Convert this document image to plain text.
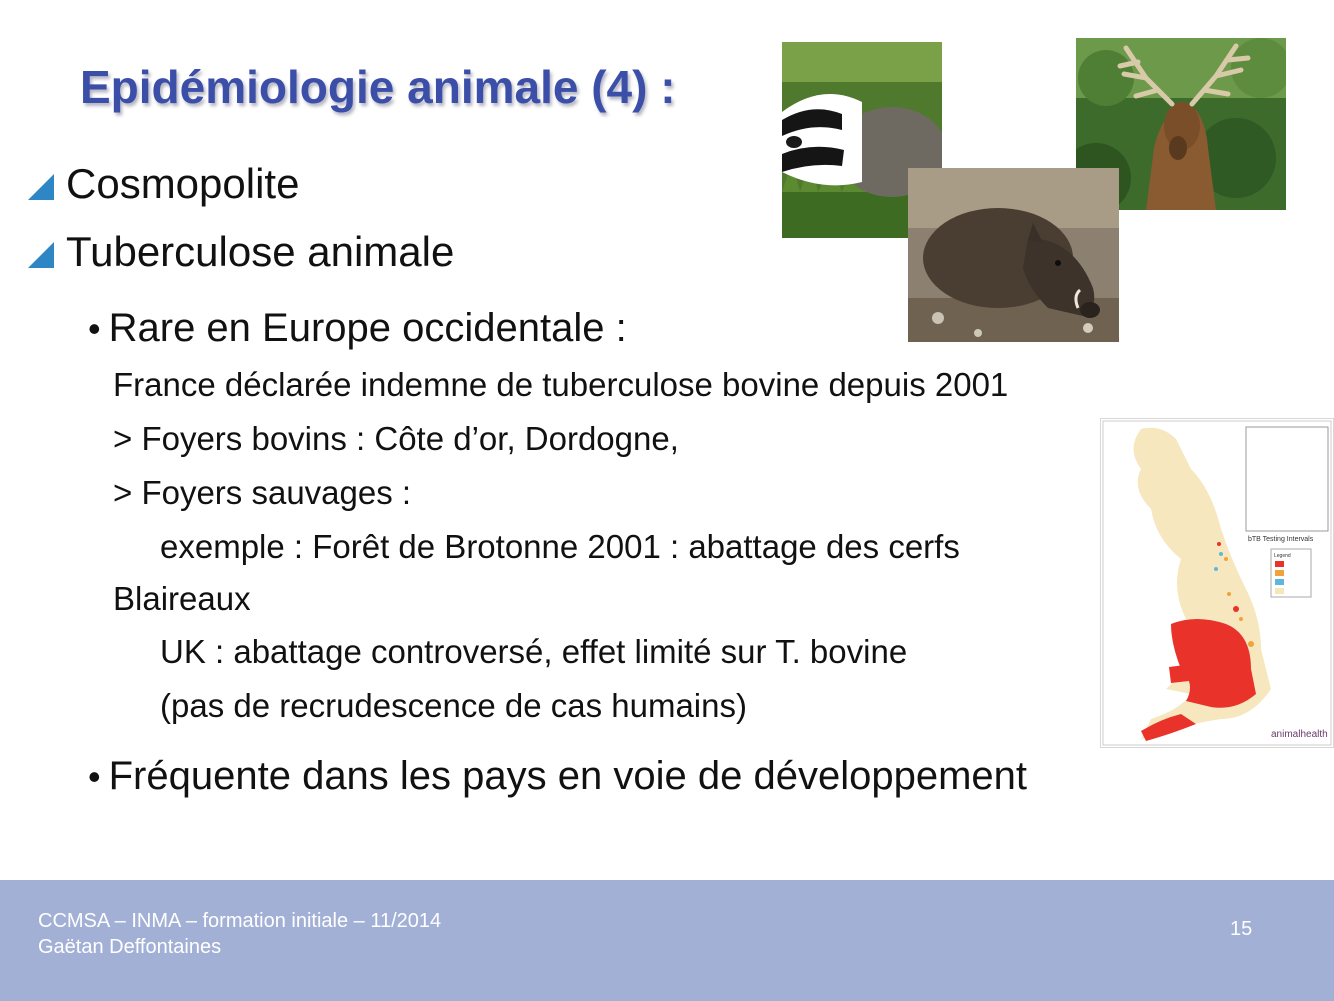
Epidémiologie animale (4) :
Cosmopolite
Tuberculose animale
• Rare en Europe occidentale :
France déclarée indemne de tuberculose bovine depuis 2001
> Foyers bovins : Côte d’or, Dordogne,
> Foyers sauvages :
exemple : Forêt de Brotonne 2001 : abattage des cerfs
Blaireaux
UK : abattage controversé, effet limité sur T. bovine
(pas de recrudescence de cas humains)
• Fréquente dans les pays en voie de développement
bTB Testing Intervals
Legend
animalhealth
CCMSA – INMA – formation initiale – 11/2014
Gaëtan Deffontaines
15
